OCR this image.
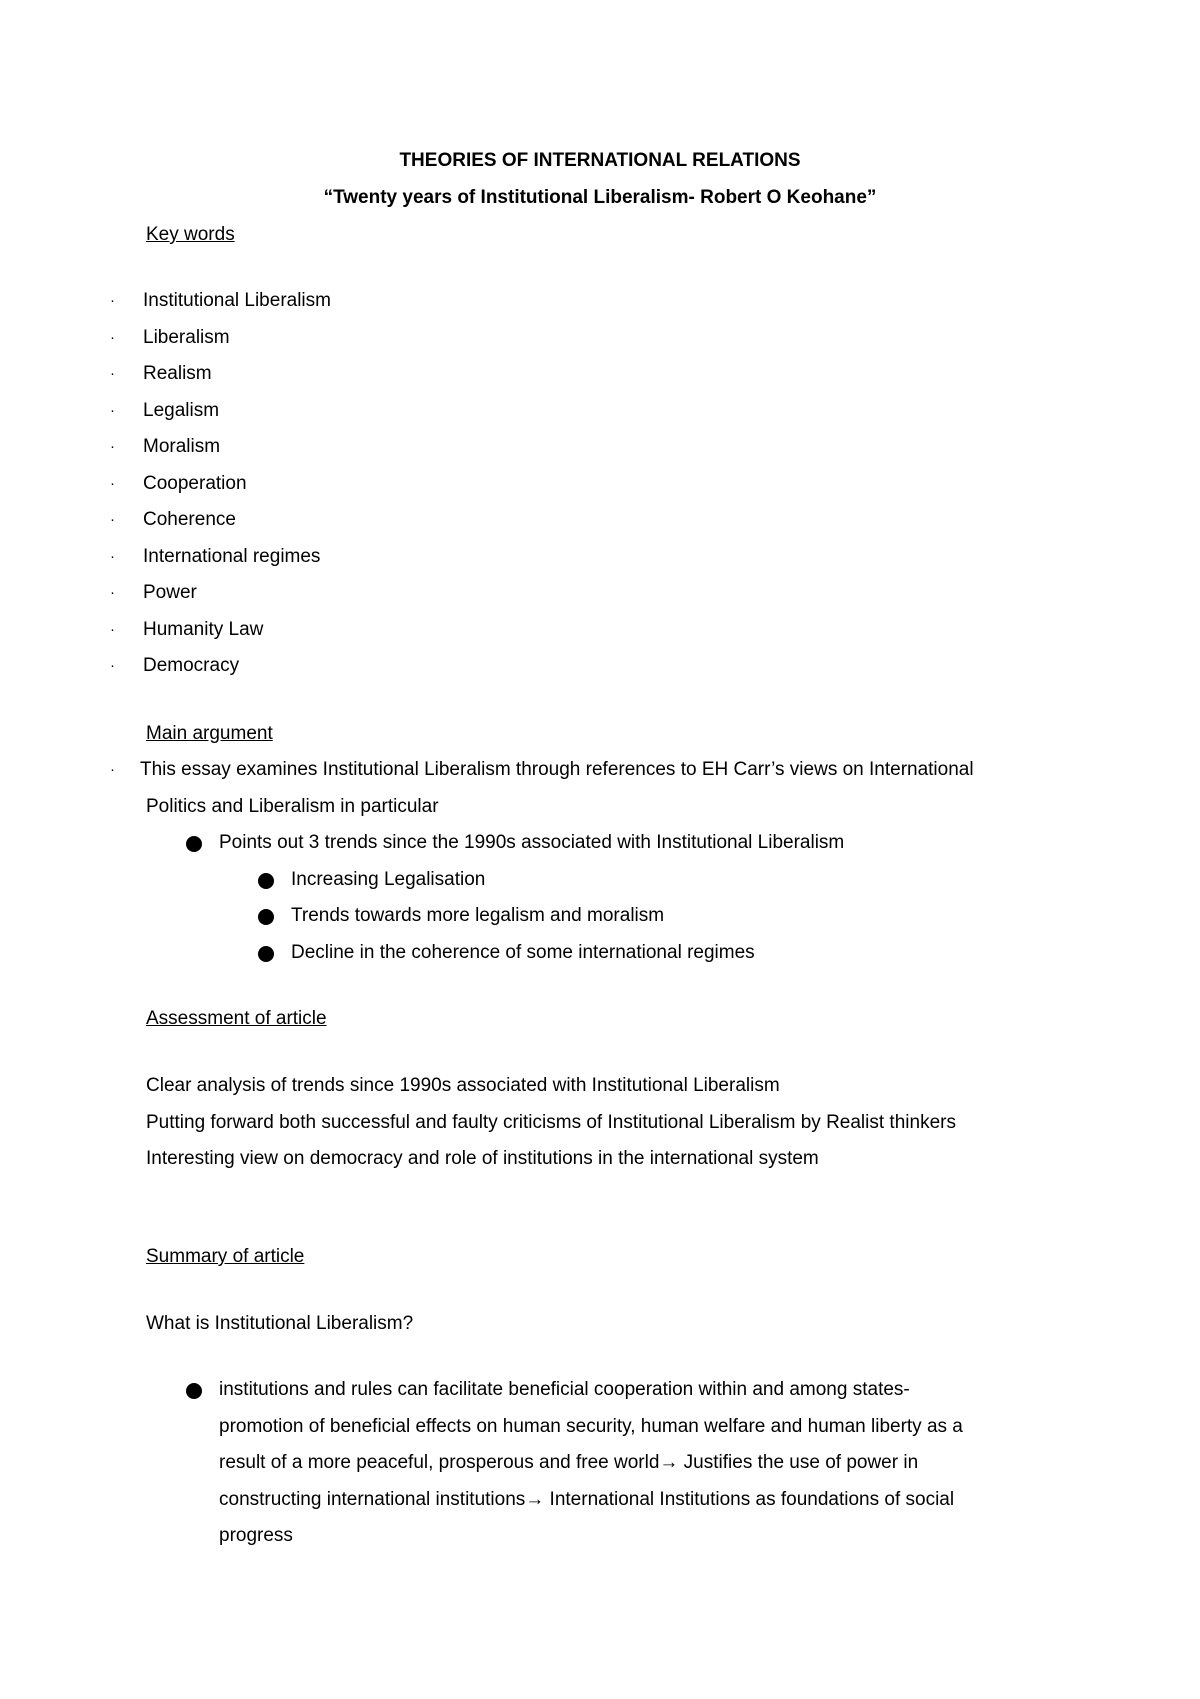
THEORIES OF INTERNATIONAL RELATIONS
“Twenty years of Institutional Liberalism- Robert O Keohane”
Key words
· Institutional Liberalism
· Liberalism
· Realism
· Legalism
· Moralism
· Cooperation
· Coherence
· International regimes
· Power
· Humanity Law
· Democracy
Main argument
· This essay examines Institutional Liberalism through references to EH Carr’s views on International
Politics and Liberalism in particular
Points out 3 trends since the 1990s associated with Institutional Liberalism
Increasing Legalisation
Trends towards more legalism and moralism
Decline in the coherence of some international regimes
Assessment of article
Clear analysis of trends since 1990s associated with Institutional Liberalism
Putting forward both successful and faulty criticisms of Institutional Liberalism by Realist thinkers
Interesting view on democracy and role of institutions in the international system
Summary of article
What is Institutional Liberalism?
institutions and rules can facilitate beneficial cooperation within and among states-
promotion of beneficial effects on human security, human welfare and human liberty as a
result of a more peaceful, prosperous and free world→ Justifies the use of power in
constructing international institutions→ International Institutions as foundations of social
progress
